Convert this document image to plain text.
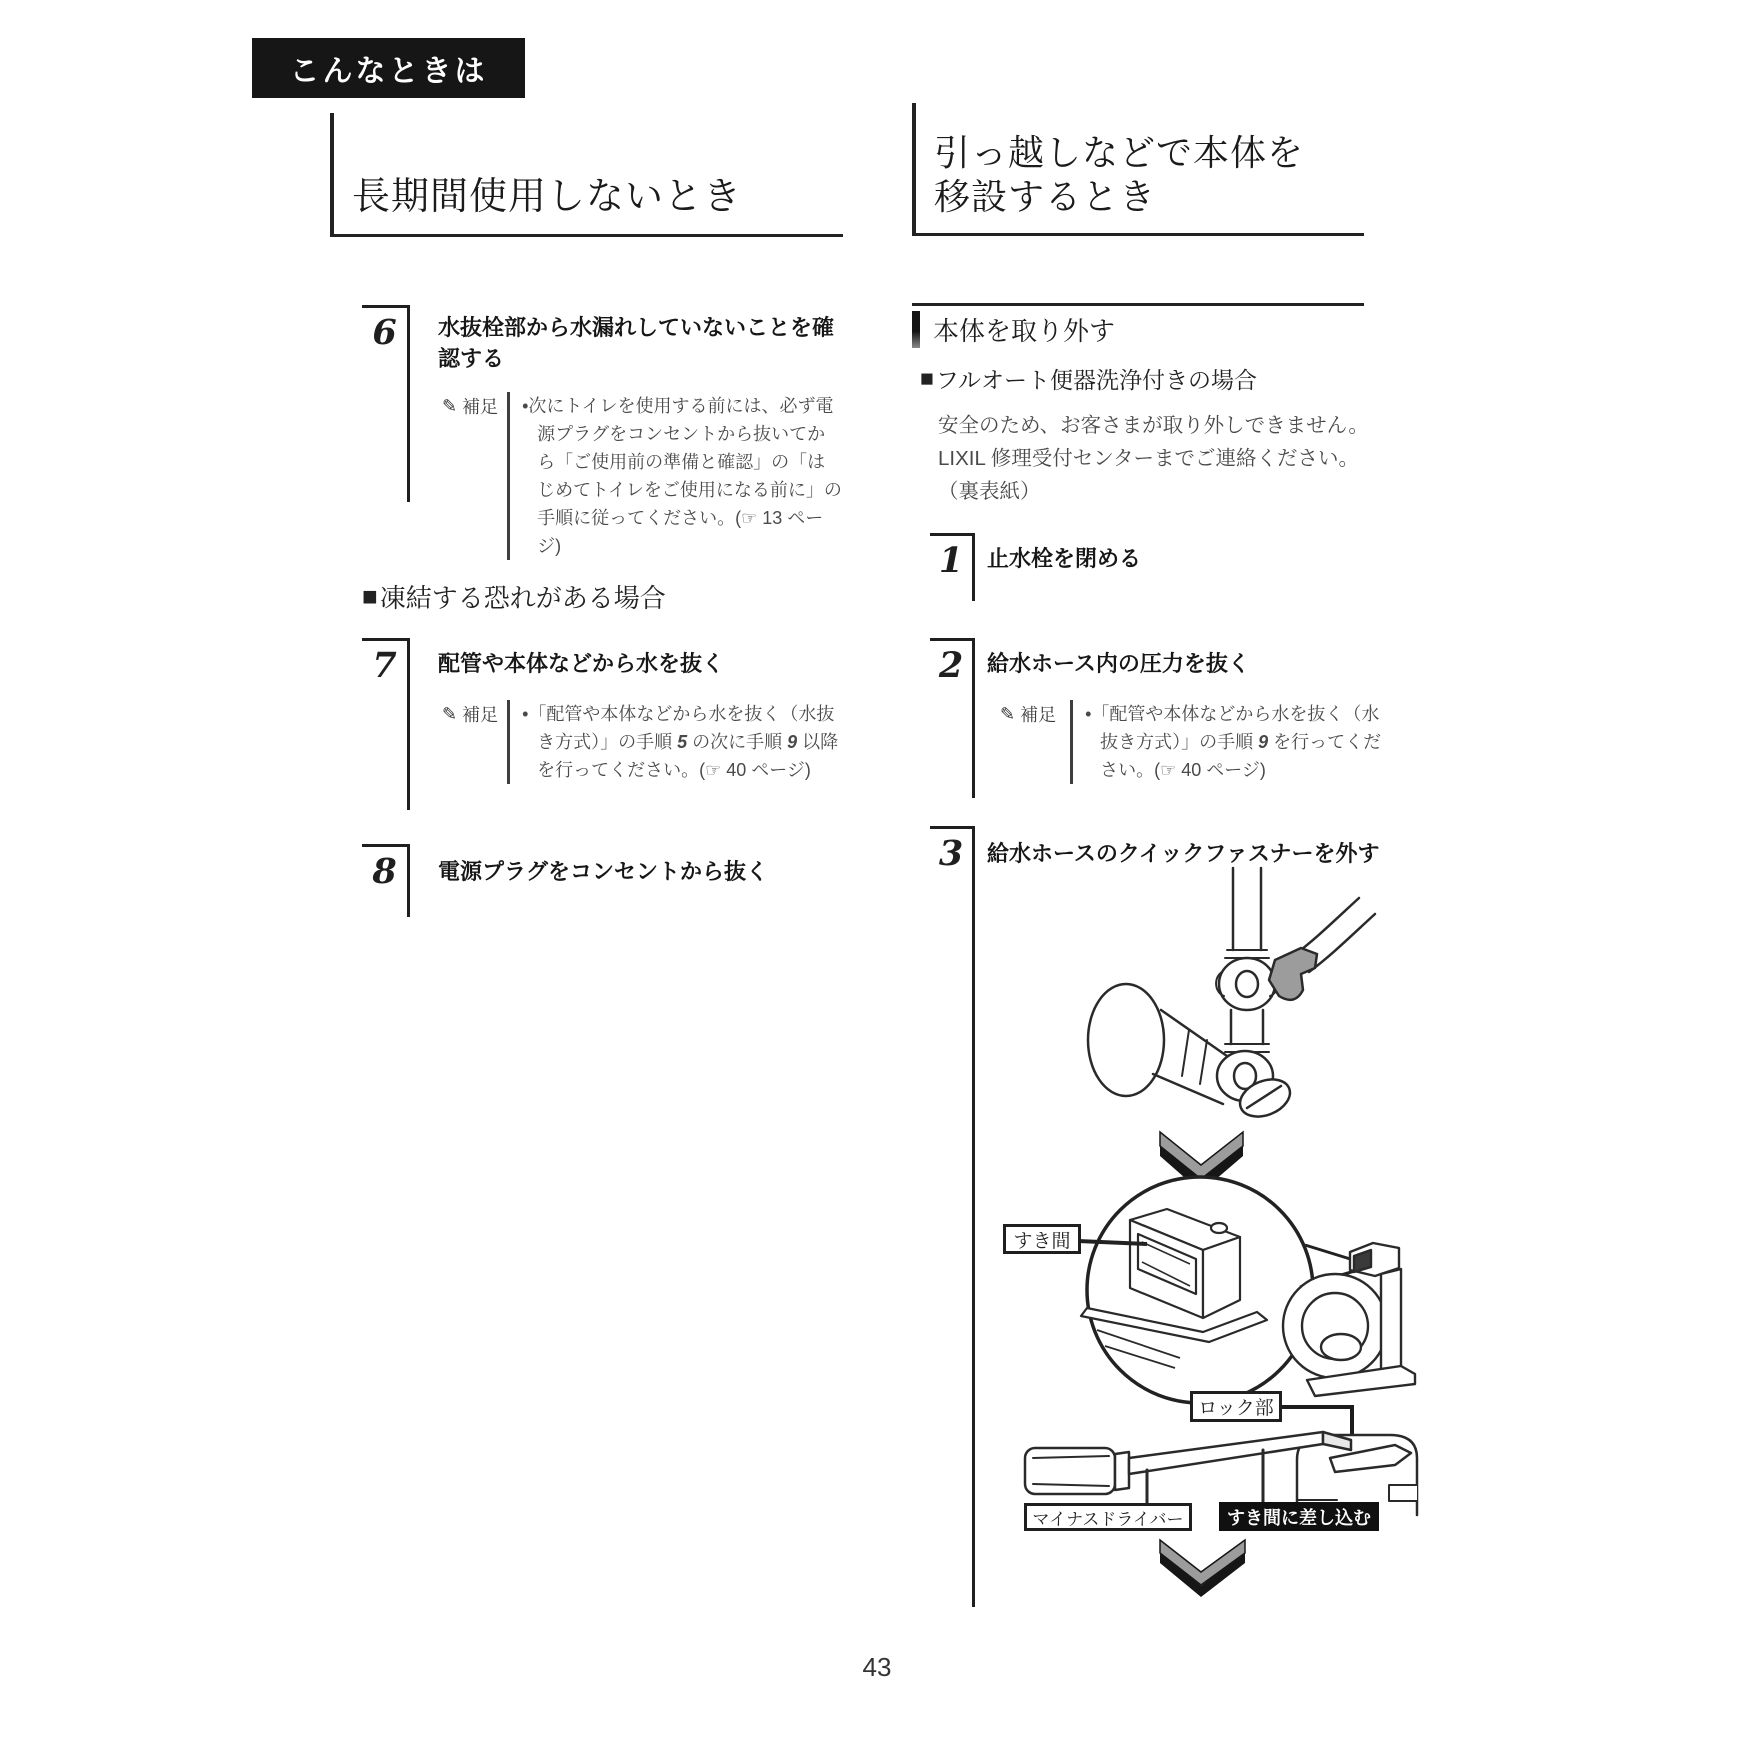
こんなときは
長期間使用しないとき
引っ越しなどで本体を
移設するとき
6	水抜栓部から水漏れしていないことを確認する
✎ 補足 •次にトイレを使用する前には、必ず電源プラグをコンセントから抜いてから「ご使用前の準備と確認」の「はじめてトイレをご使用になる前に」の手順に従ってください。(☞ 13 ページ)

■ 凍結する恐れがある場合
7	配管や本体などから水を抜く
✎ 補足 •「配管や本体などから水を抜く（水抜き方式）」の手順 5 の次に手順 9 以降を行ってください。(☞ 40 ページ)

8	電源プラグをコンセントから抜く
本体を取り外す
■ フルオート便器洗浄付きの場合
安全のため、お客さまが取り外しできません。
LIXIL 修理受付センターまでご連絡ください。
（裏表紙）
1	止水栓を閉める
2	給水ホース内の圧力を抜く
✎ 補足 •「配管や本体などから水を抜く（水抜き方式）」の手順 9 を行ってください。(☞ 40 ページ)

3	給水ホースのクイックファスナーを外す
すき間
ロック部
マイナスドライバー すき間に差し込む
43
